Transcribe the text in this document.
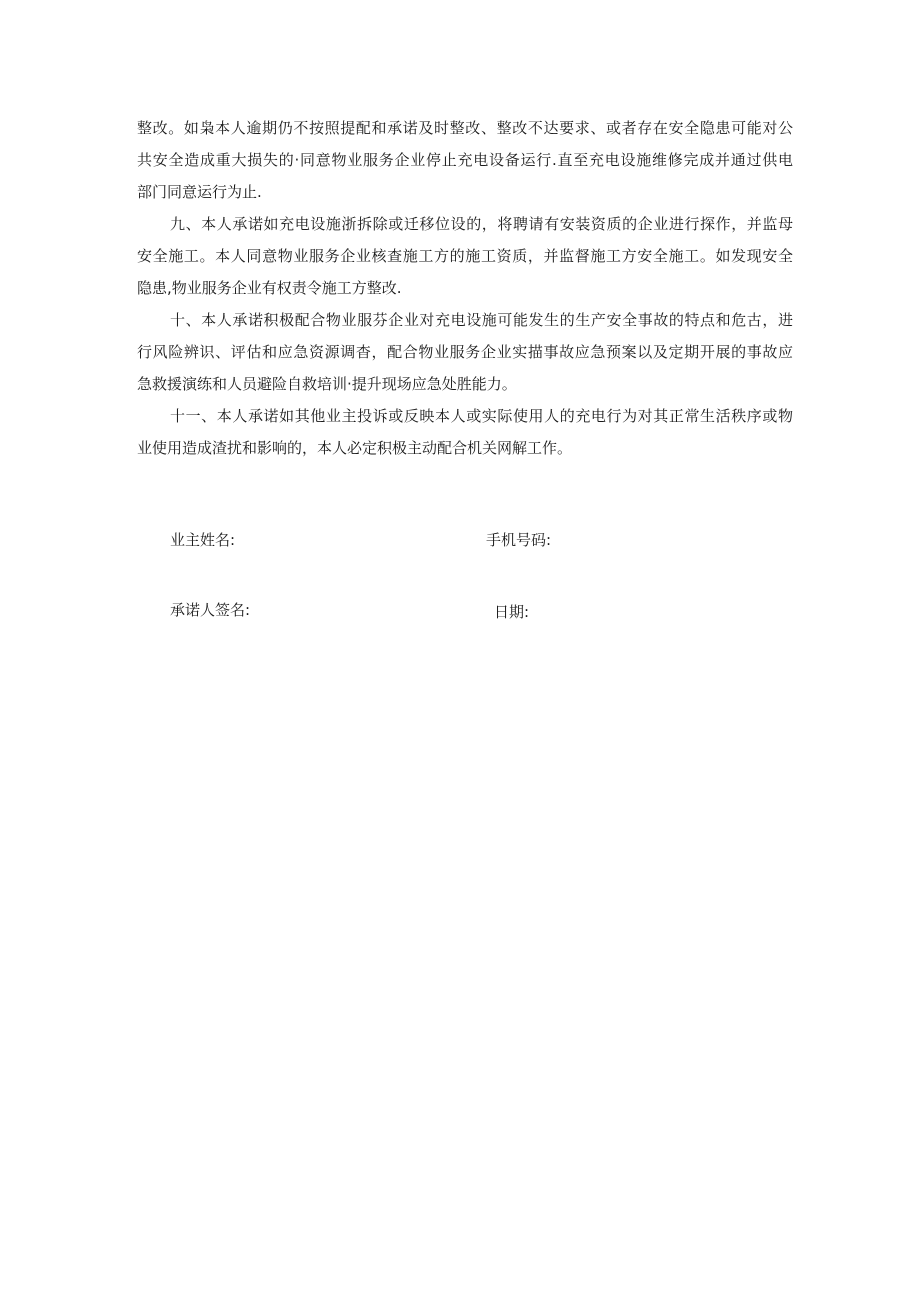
整改。如枭本人逾期仍不按照提配和承诺及时整改、整改不达要求、或者存在安全隐患可能对公
共安全造成重大损失的·同意物业服务企业停止充电设备运行.直至充电设施维修完成并通过供电
部门同意运行为止.
九、本人承诺如充电设施浙拆除或迁移位设的，将聘请有安装资质的企业进行探作，并监母
安全施工。本人同意物业服务企业核查施工方的施工资质，并监督施工方安全施工。如发现安全
隐患,物业服务企业有权责令施工方整改.
十、本人承诺积极配合物业服芬企业对充电设施可能发生的生产安全事故的特点和危古，进
行风险辨识、评估和应急资源调杳，配合物业服务企业实描事故应急预案以及定期开展的事故应
急救援演练和人员避险自救培训·提升现场应急处胜能力。
十一、本人承诺如其他业主投诉或反映本人或实际使用人的充电行为对其正常生活秩序或物
业使用造成渣扰和影响的，本人必定积极主动配合机关网解工作。
业主姓名:	手机号码:
承诺人签名:	日期:
